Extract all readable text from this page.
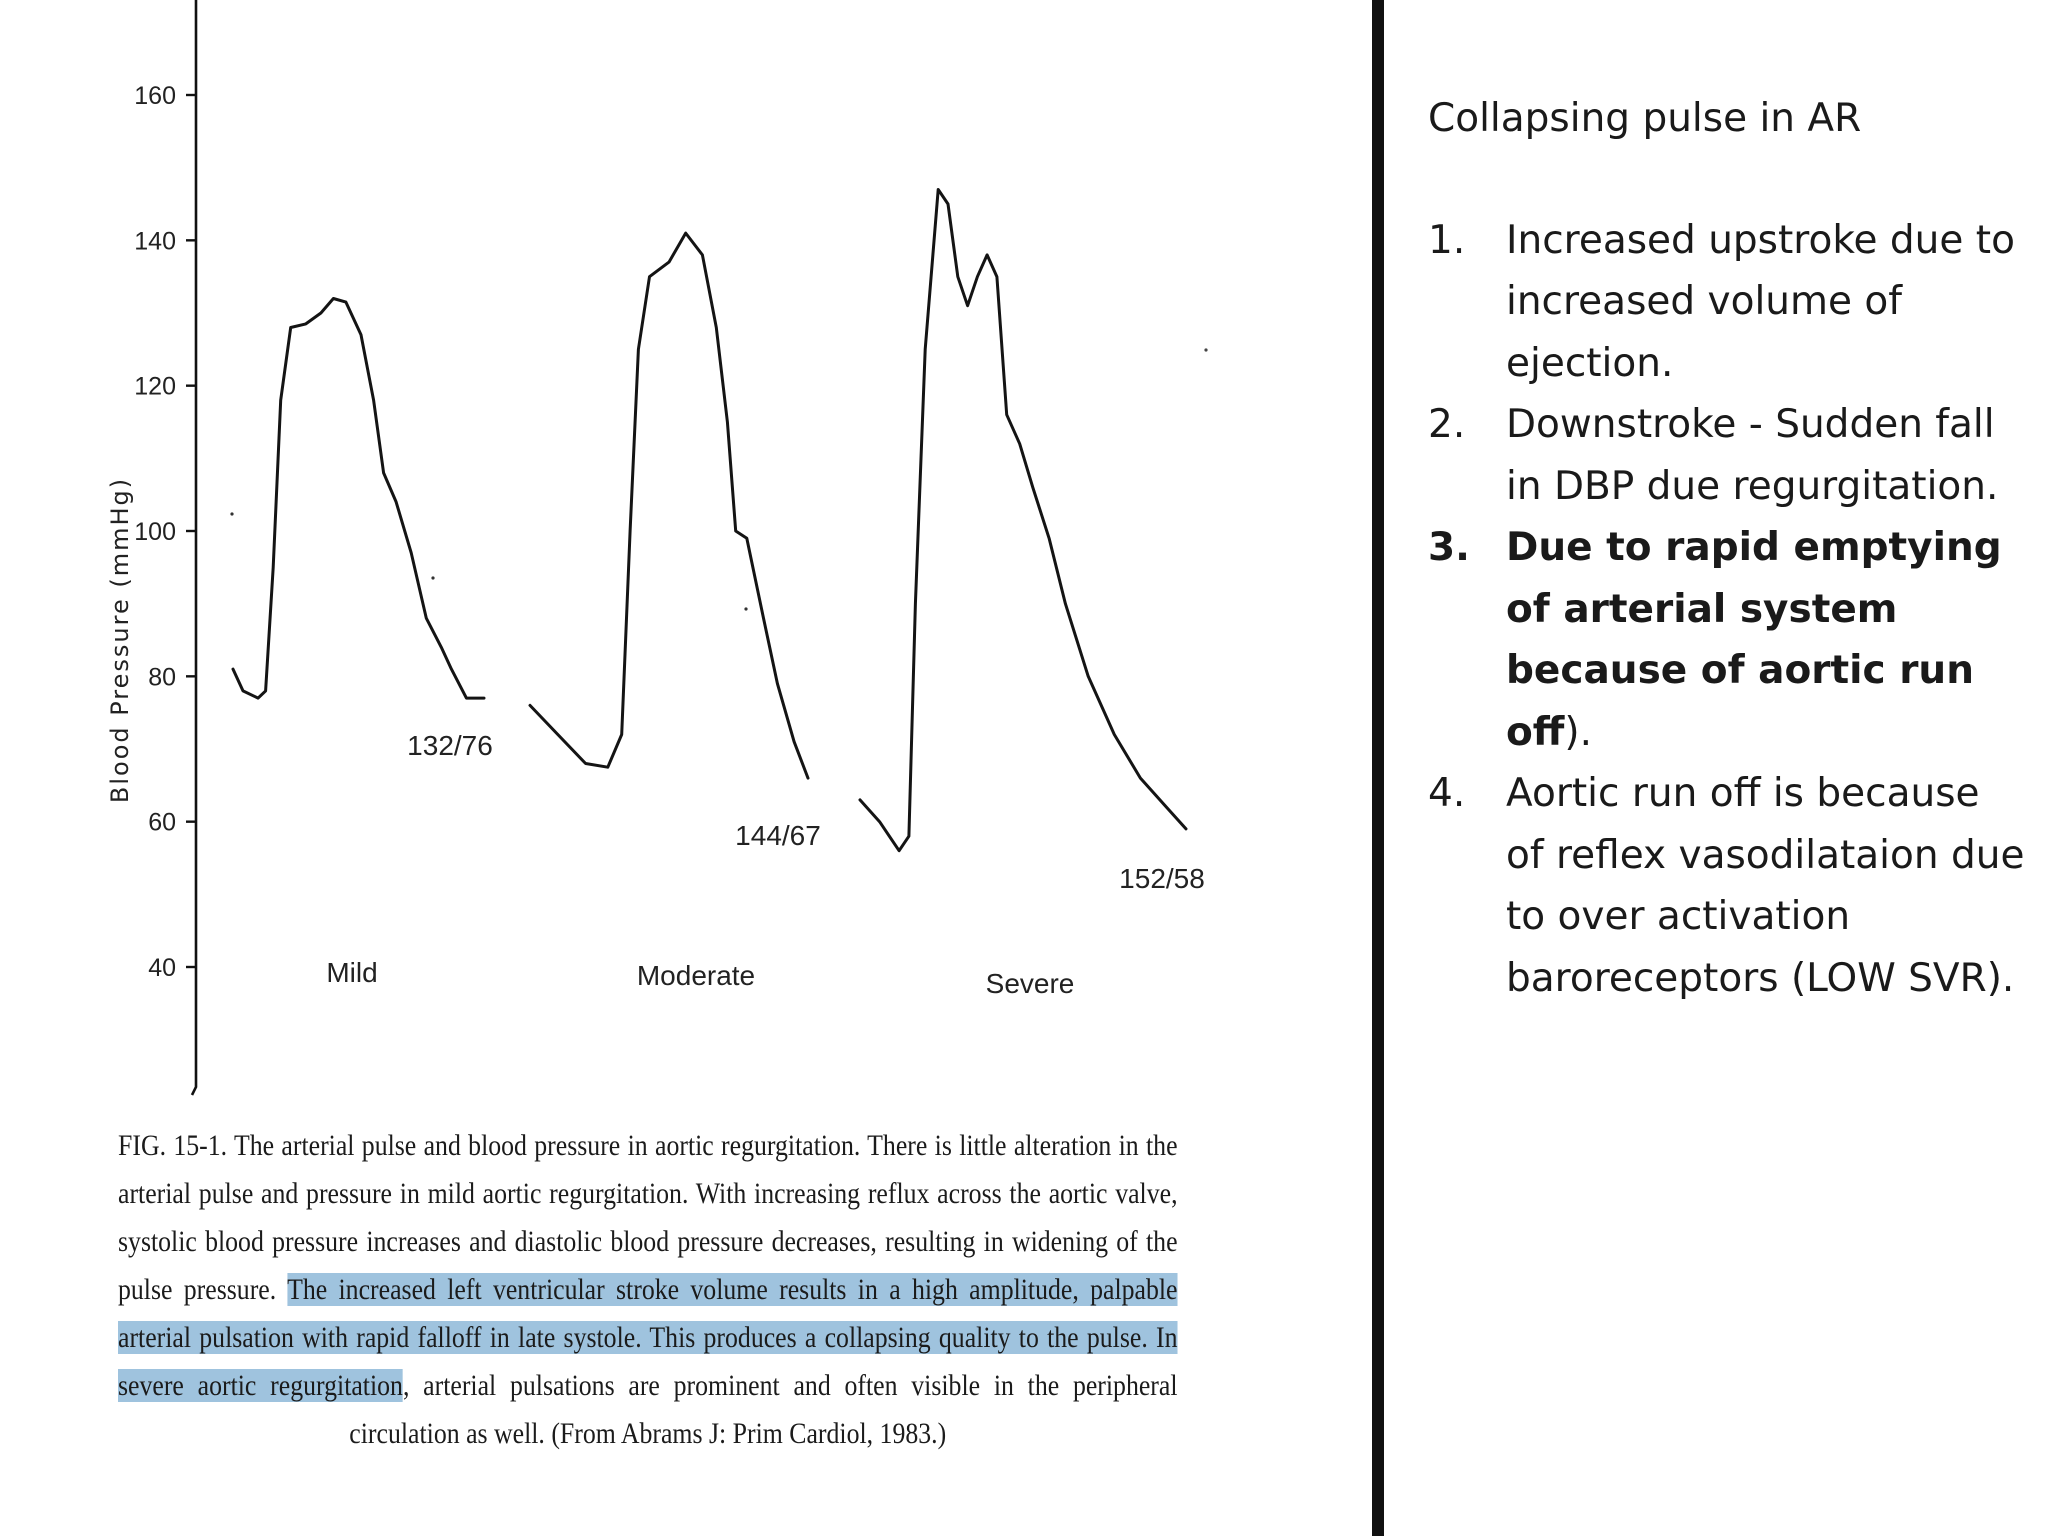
Blood Pressure (mmHg)
40
60
80
100
120
140
160
Mild
132/76
Moderate
144/67
Severe
152/58
FIG. 15-1. The arterial pulse and blood pressure in aortic regurgitation. There is little alteration in the arterial pulse and pressure in mild aortic regurgitation. With increasing reflux across the aortic valve, systolic blood pressure increases and diastolic blood pressure decreases, resulting in widening of the pulse pressure. The increased left ventricular stroke volume results in a high amplitude, palpable arterial pulsation with rapid falloff in late systole. This produces a collapsing quality to the pulse. In severe aortic regurgitation, arterial pulsations are prominent and often visible in the peripheral circulation as well. (From Abrams J: Prim Cardiol, 1983.)
Collapsing pulse in AR
1. Increased upstroke due to increased volume of ejection.
2. Downstroke - Sudden fall in DBP due regurgitation.
3. Due to rapid emptying of arterial system because of aortic run off).
4. Aortic run off is because of reflex vasodilataion due to over activation baroreceptors (LOW SVR).
